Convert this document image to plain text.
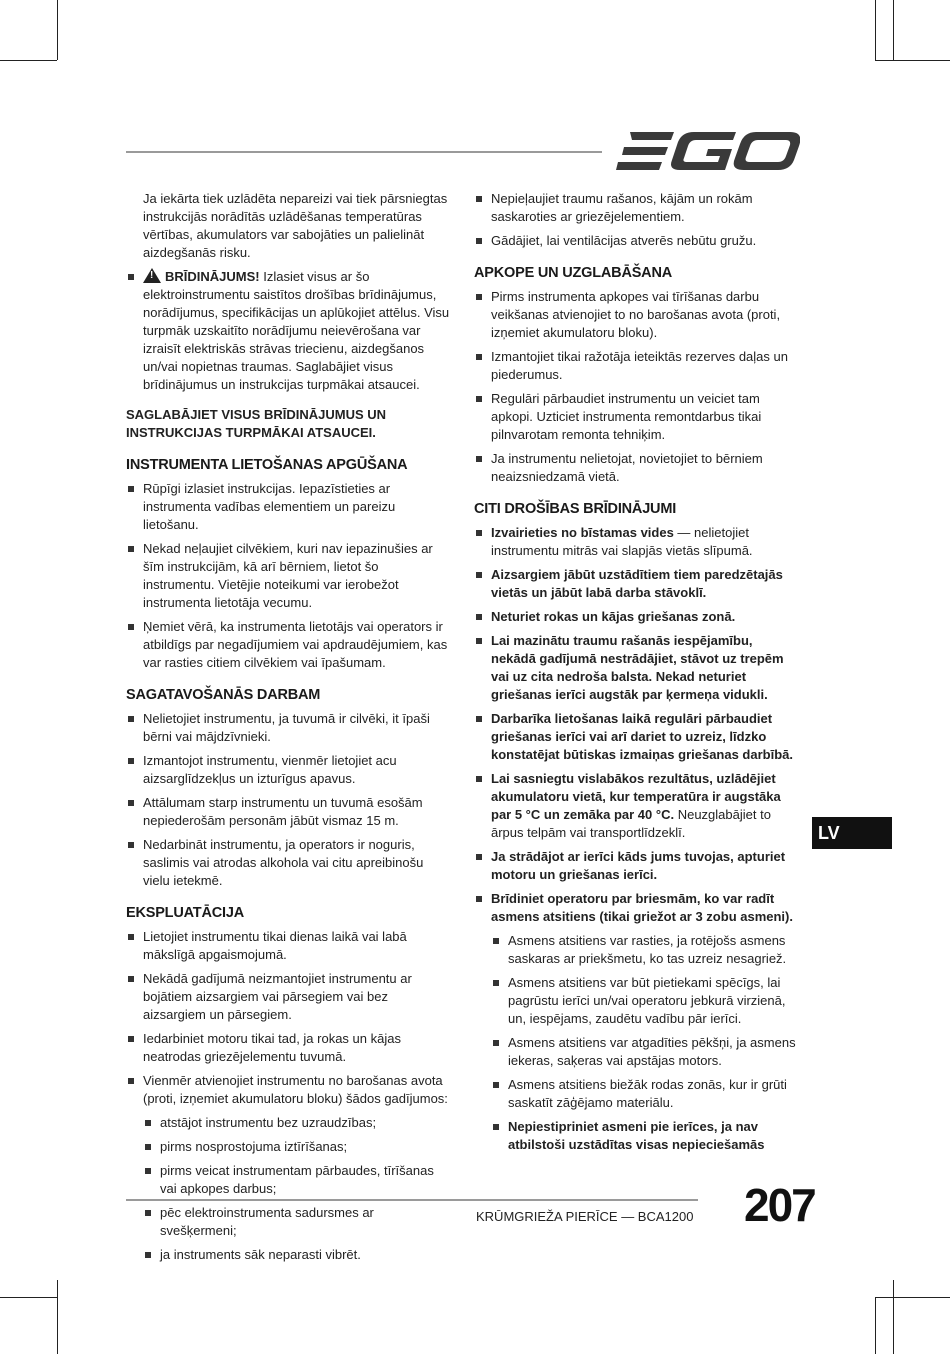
Ja iekārta tiek uzlādēta nepareizi vai tiek pārsniegtas instrukcijās norādītās uzlādēšanas temperatūras vērtības, akumulators var sabojāties un palielināt aizdegšanās risku.

!BRĪDINĀJUMS! Izlasiet visus ar šo elektroinstrumentu saistītos drošības brīdinājumus, norādījumus, specifikācijas un aplūkojiet attēlus. Visu turpmāk uzskaitīto norādījumu neievērošana var izraisīt elektriskās strāvas triecienu, aizdegšanos un/vai nopietnas traumas. Saglabājiet visus brīdinājumus un instrukcijas turpmākai atsaucei.
SAGLABĀJIET VISUS BRĪDINĀJUMUS UN INSTRUKCIJAS TURPMĀKAI ATSAUCEI.
INSTRUMENTA LIETOŠANAS APGŪŠANA
Rūpīgi izlasiet instrukcijas. Iepazīstieties ar instrumenta vadības elementiem un pareizu lietošanu.
Nekad neļaujiet cilvēkiem, kuri nav iepazinušies ar šīm instrukcijām, kā arī bērniem, lietot šo instrumentu. Vietējie noteikumi var ierobežot instrumenta lietotāja vecumu.
Ņemiet vērā, ka instrumenta lietotājs vai operators ir atbildīgs par negadījumiem vai apdraudējumiem, kas var rasties citiem cilvēkiem vai īpašumam.
SAGATAVOŠANĀS DARBAM
Nelietojiet instrumentu, ja tuvumā ir cilvēki, it īpaši bērni vai mājdzīvnieki.
Izmantojot instrumentu, vienmēr lietojiet acu aizsarglīdzekļus un izturīgus apavus.
Attālumam starp instrumentu un tuvumā esošām nepiederošām personām jābūt vismaz 15 m.
Nedarbināt instrumentu, ja operators ir noguris, saslimis vai atrodas alkohola vai citu apreibinošu vielu ietekmē.
EKSPLUATĀCIJA
Lietojiet instrumentu tikai dienas laikā vai labā mākslīgā apgaismojumā.
Nekādā gadījumā neizmantojiet instrumentu ar bojātiem aizsargiem vai pārsegiem vai bez aizsargiem un pārsegiem.
Iedarbiniet motoru tikai tad, ja rokas un kājas neatrodas griezējelementu tuvumā.
Vienmēr atvienojiet instrumentu no barošanas avota (proti, izņemiet akumulatoru bloku) šādos gadījumos:
atstājot instrumentu bez uzraudzības;
pirms nosprostojuma iztīrīšanas;
pirms veicat instrumentam pārbaudes, tīrīšanas vai apkopes darbus;
pēc elektroinstrumenta sadursmes ar svešķermeni;
ja instruments sāk neparasti vibrēt.
Nepieļaujiet traumu rašanos, kājām un rokām saskaroties ar griezējelementiem.
Gādājiet, lai ventilācijas atverēs nebūtu gružu.
APKOPE UN UZGLABĀŠANA
Pirms instrumenta apkopes vai tīrīšanas darbu veikšanas atvienojiet to no barošanas avota (proti, izņemiet akumulatoru bloku).
Izmantojiet tikai ražotāja ieteiktās rezerves daļas un piederumus.
Regulāri pārbaudiet instrumentu un veiciet tam apkopi. Uzticiet instrumenta remontdarbus tikai pilnvarotam remonta tehniķim.
Ja instrumentu nelietojat, novietojiet to bērniem neaizsniedzamā vietā.
CITI DROŠĪBAS BRĪDINĀJUMI
Izvairieties no bīstamas vides — nelietojiet instrumentu mitrās vai slapjās vietās slīpumā.
Aizsargiem jābūt uzstādītiem tiem paredzētajās vietās un jābūt labā darba stāvoklī.
Neturiet rokas un kājas griešanas zonā.
Lai mazinātu traumu rašanās iespējamību, nekādā gadījumā nestrādājiet, stāvot uz trepēm vai uz cita nedroša balsta. Nekad neturiet griešanas ierīci augstāk par ķermeņa vidukli.
Darbarīka lietošanas laikā regulāri pārbaudiet griešanas ierīci vai arī dariet to uzreiz, līdzko konstatējat būtiskas izmaiņas griešanas darbībā.
Lai sasniegtu vislabākos rezultātus, uzlādējiet akumulatoru vietā, kur temperatūra ir augstāka par 5 °C un zemāka par 40 °C. Neuzglabājiet to ārpus telpām vai transportlīdzeklī.
Ja strādājot ar ierīci kāds jums tuvojas, apturiet motoru un griešanas ierīci.
Brīdiniet operatoru par briesmām, ko var radīt asmens atsitiens (tikai griežot ar 3 zobu asmeni).
Asmens atsitiens var rasties, ja rotējošs asmens saskaras ar priekšmetu, ko tas uzreiz nesagriež.
Asmens atsitiens var būt pietiekami spēcīgs, lai pagrūstu ierīci un/vai operatoru jebkurā virzienā, un, iespējams, zaudētu vadību pār ierīci.
Asmens atsitiens var atgadīties pēkšņi, ja asmens iekeras, saķeras vai apstājas motors.
Asmens atsitiens biežāk rodas zonās, kur ir grūti saskatīt zāģējamo materiālu.
Nepiestipriniet asmeni pie ierīces, ja nav atbilstoši uzstādītas visas nepieciešamās
LV
KRŪMGRIEŽA PIERĪCE — BCA1200 207
